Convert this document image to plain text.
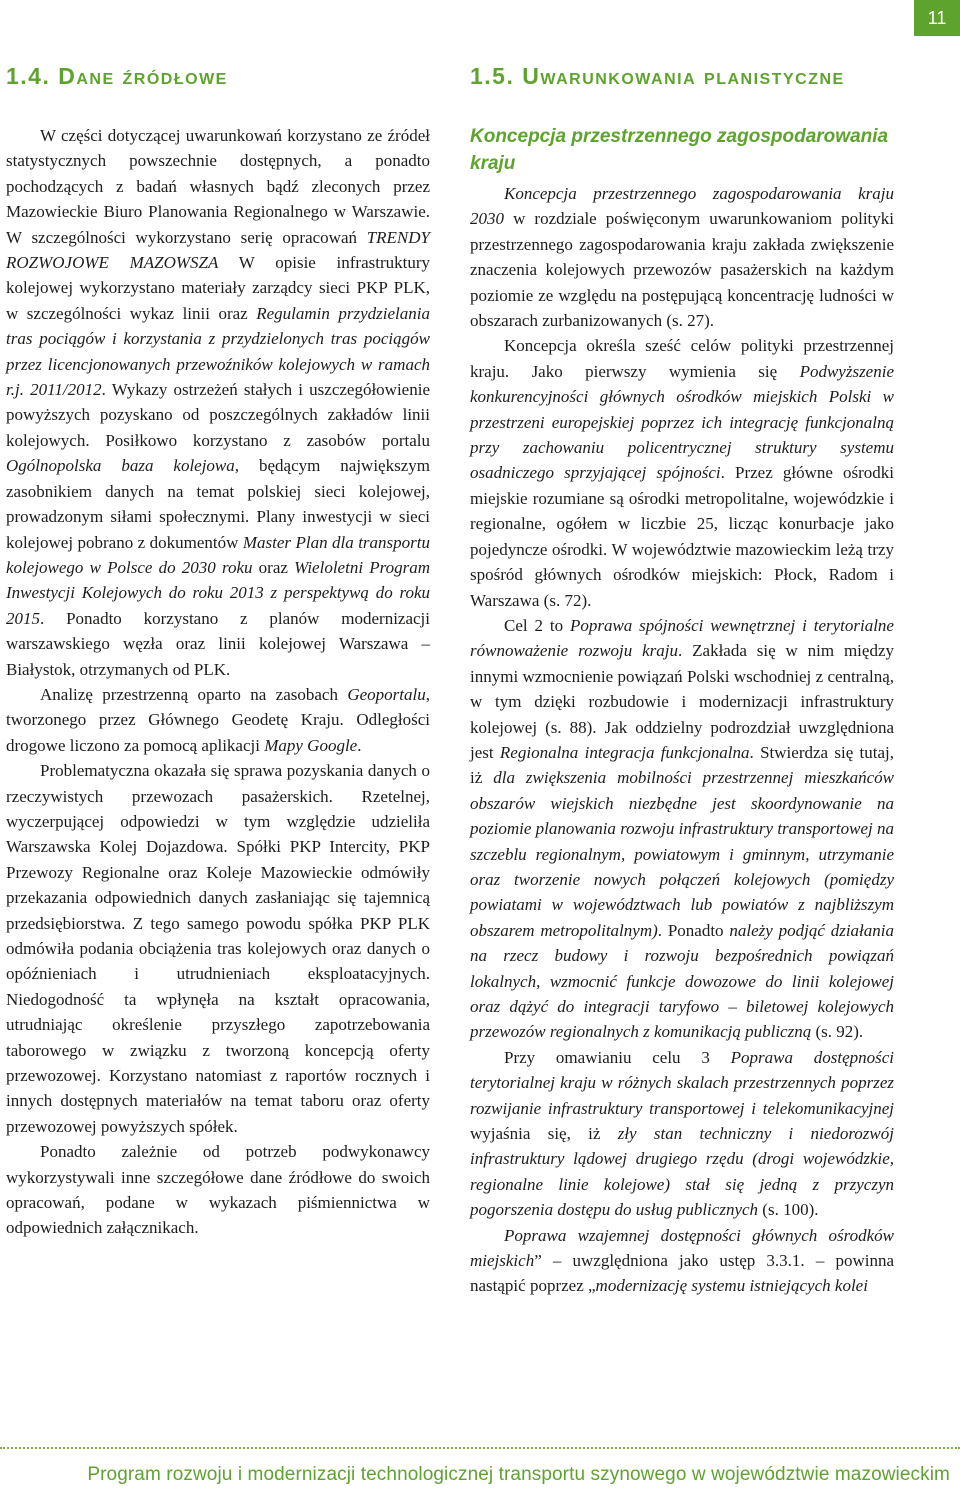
11
1.4. Dane źródłowe

W części dotyczącej uwarunkowań korzystano ze źródeł statystycznych powszechnie dostępnych, a ponadto pochodzących z badań własnych bądź zleconych przez Mazowieckie Biuro Planowania Regionalnego w Warszawie. W szczególności wykorzystano serię opracowań TRENDY ROZWOJOWE MAZOWSZA W opisie infrastruktury kolejowej wykorzystano materiały zarządcy sieci PKP PLK, w szczególności wykaz linii oraz Regulamin przydzielania tras pociągów i korzystania z przydzielonych tras pociągów przez licencjonowanych przewoźników kolejowych w ramach r.j. 2011/2012. Wykazy ostrzeżeń stałych i uszczegółowienie powyższych pozyskano od poszczególnych zakładów linii kolejowych. Posiłkowo korzystano z zasobów portalu Ogólnopolska baza kolejowa, będącym największym zasobnikiem danych na temat polskiej sieci kolejowej, prowadzonym siłami społecznymi. Plany inwestycji w sieci kolejowej pobrano z dokumentów Master Plan dla transportu kolejowego w Polsce do 2030 roku oraz Wieloletni Program Inwestycji Kolejowych do roku 2013 z perspektywą do roku 2015. Ponadto korzystano z planów modernizacji warszawskiego węzła oraz linii kolejowej Warszawa – Białystok, otrzymanych od PLK.

Analizę przestrzenną oparto na zasobach Geoportalu, tworzonego przez Głównego Geodetę Kraju. Odległości drogowe liczono za pomocą aplikacji Mapy Google.

Problematyczna okazała się sprawa pozyskania danych o rzeczywistych przewozach pasażerskich. Rzetelnej, wyczerpującej odpowiedzi w tym względzie udzieliła Warszawska Kolej Dojazdowa. Spółki PKP Intercity, PKP Przewozy Regionalne oraz Koleje Mazowieckie odmówiły przekazania odpowiednich danych zasłaniając się tajemnicą przedsiębiorstwa. Z tego samego powodu spółka PKP PLK odmówiła podania obciążenia tras kolejowych oraz danych o opóźnieniach i utrudnieniach eksploatacyjnych. Niedogodność ta wpłynęła na kształt opracowania, utrudniając określenie przyszłego zapotrzebowania taborowego w związku z tworzoną koncepcją oferty przewozowej. Korzystano natomiast z raportów rocznych i innych dostępnych materiałów na temat taboru oraz oferty przewozowej powyższych spółek.

Ponadto zależnie od potrzeb podwykonawcy wykorzystywali inne szczegółowe dane źródłowe do swoich opracowań, podane w wykazach piśmiennictwa w odpowiednich załącznikach.

1.5. Uwarunkowania planistyczne
Koncepcja przestrzennego zagospodarowania kraju

Koncepcja przestrzennego zagospodarowania kraju 2030 w rozdziale poświęconym uwarunkowaniom polityki przestrzennego zagospodarowania kraju zakłada zwiększenie znaczenia kolejowych przewozów pasażerskich na każdym poziomie ze względu na postępującą koncentrację ludności w obszarach zurbanizowanych (s. 27).

Koncepcja określa sześć celów polityki przestrzennej kraju. Jako pierwszy wymienia się Podwyższenie konkurencyjności głównych ośrodków miejskich Polski w przestrzeni europejskiej poprzez ich integrację funkcjonalną przy zachowaniu policentrycznej struktury systemu osadniczego sprzyjającej spójności. Przez główne ośrodki miejskie rozumiane są ośrodki metropolitalne, wojewódzkie i regionalne, ogółem w liczbie 25, licząc konurbacje jako pojedyncze ośrodki. W województwie mazowieckim leżą trzy spośród głównych ośrodków miejskich: Płock, Radom i Warszawa (s. 72).

Cel 2 to Poprawa spójności wewnętrznej i terytorialne równoważenie rozwoju kraju. Zakłada się w nim między innymi wzmocnienie powiązań Polski wschodniej z centralną, w tym dzięki rozbudowie i modernizacji infrastruktury kolejowej (s. 88). Jak oddzielny podrozdział uwzględniona jest Regionalna integracja funkcjonalna. Stwierdza się tutaj, iż dla zwiększenia mobilności przestrzennej mieszkańców obszarów wiejskich niezbędne jest skoordynowanie na poziomie planowania rozwoju infrastruktury transportowej na szczeblu regionalnym, powiatowym i gminnym, utrzymanie oraz tworzenie nowych połączeń kolejowych (pomiędzy powiatami w województwach lub powiatów z najbliższym obszarem metropolitalnym). Ponadto należy podjąć działania na rzecz budowy i rozwoju bezpośrednich powiązań lokalnych, wzmocnić funkcje dowozowe do linii kolejowej oraz dążyć do integracji taryfowo – biletowej kolejowych przewozów regionalnych z komunikacją publiczną (s. 92).

Przy omawianiu celu 3 Poprawa dostępności terytorialnej kraju w różnych skalach przestrzennych poprzez rozwijanie infrastruktury transportowej i telekomunikacyjnej wyjaśnia się, iż zły stan techniczny i niedorozwój infrastruktury lądowej drugiego rzędu (drogi wojewódzkie, regionalne linie kolejowe) stał się jedną z przyczyn pogorszenia dostępu do usług publicznych (s. 100).

Poprawa wzajemnej dostępności głównych ośrodków miejskich” – uwzględniona jako ustęp 3.3.1. – powinna nastąpić poprzez „modernizację systemu istniejących kolei

Program rozwoju i modernizacji technologicznej transportu szynowego w województwie mazowieckim
